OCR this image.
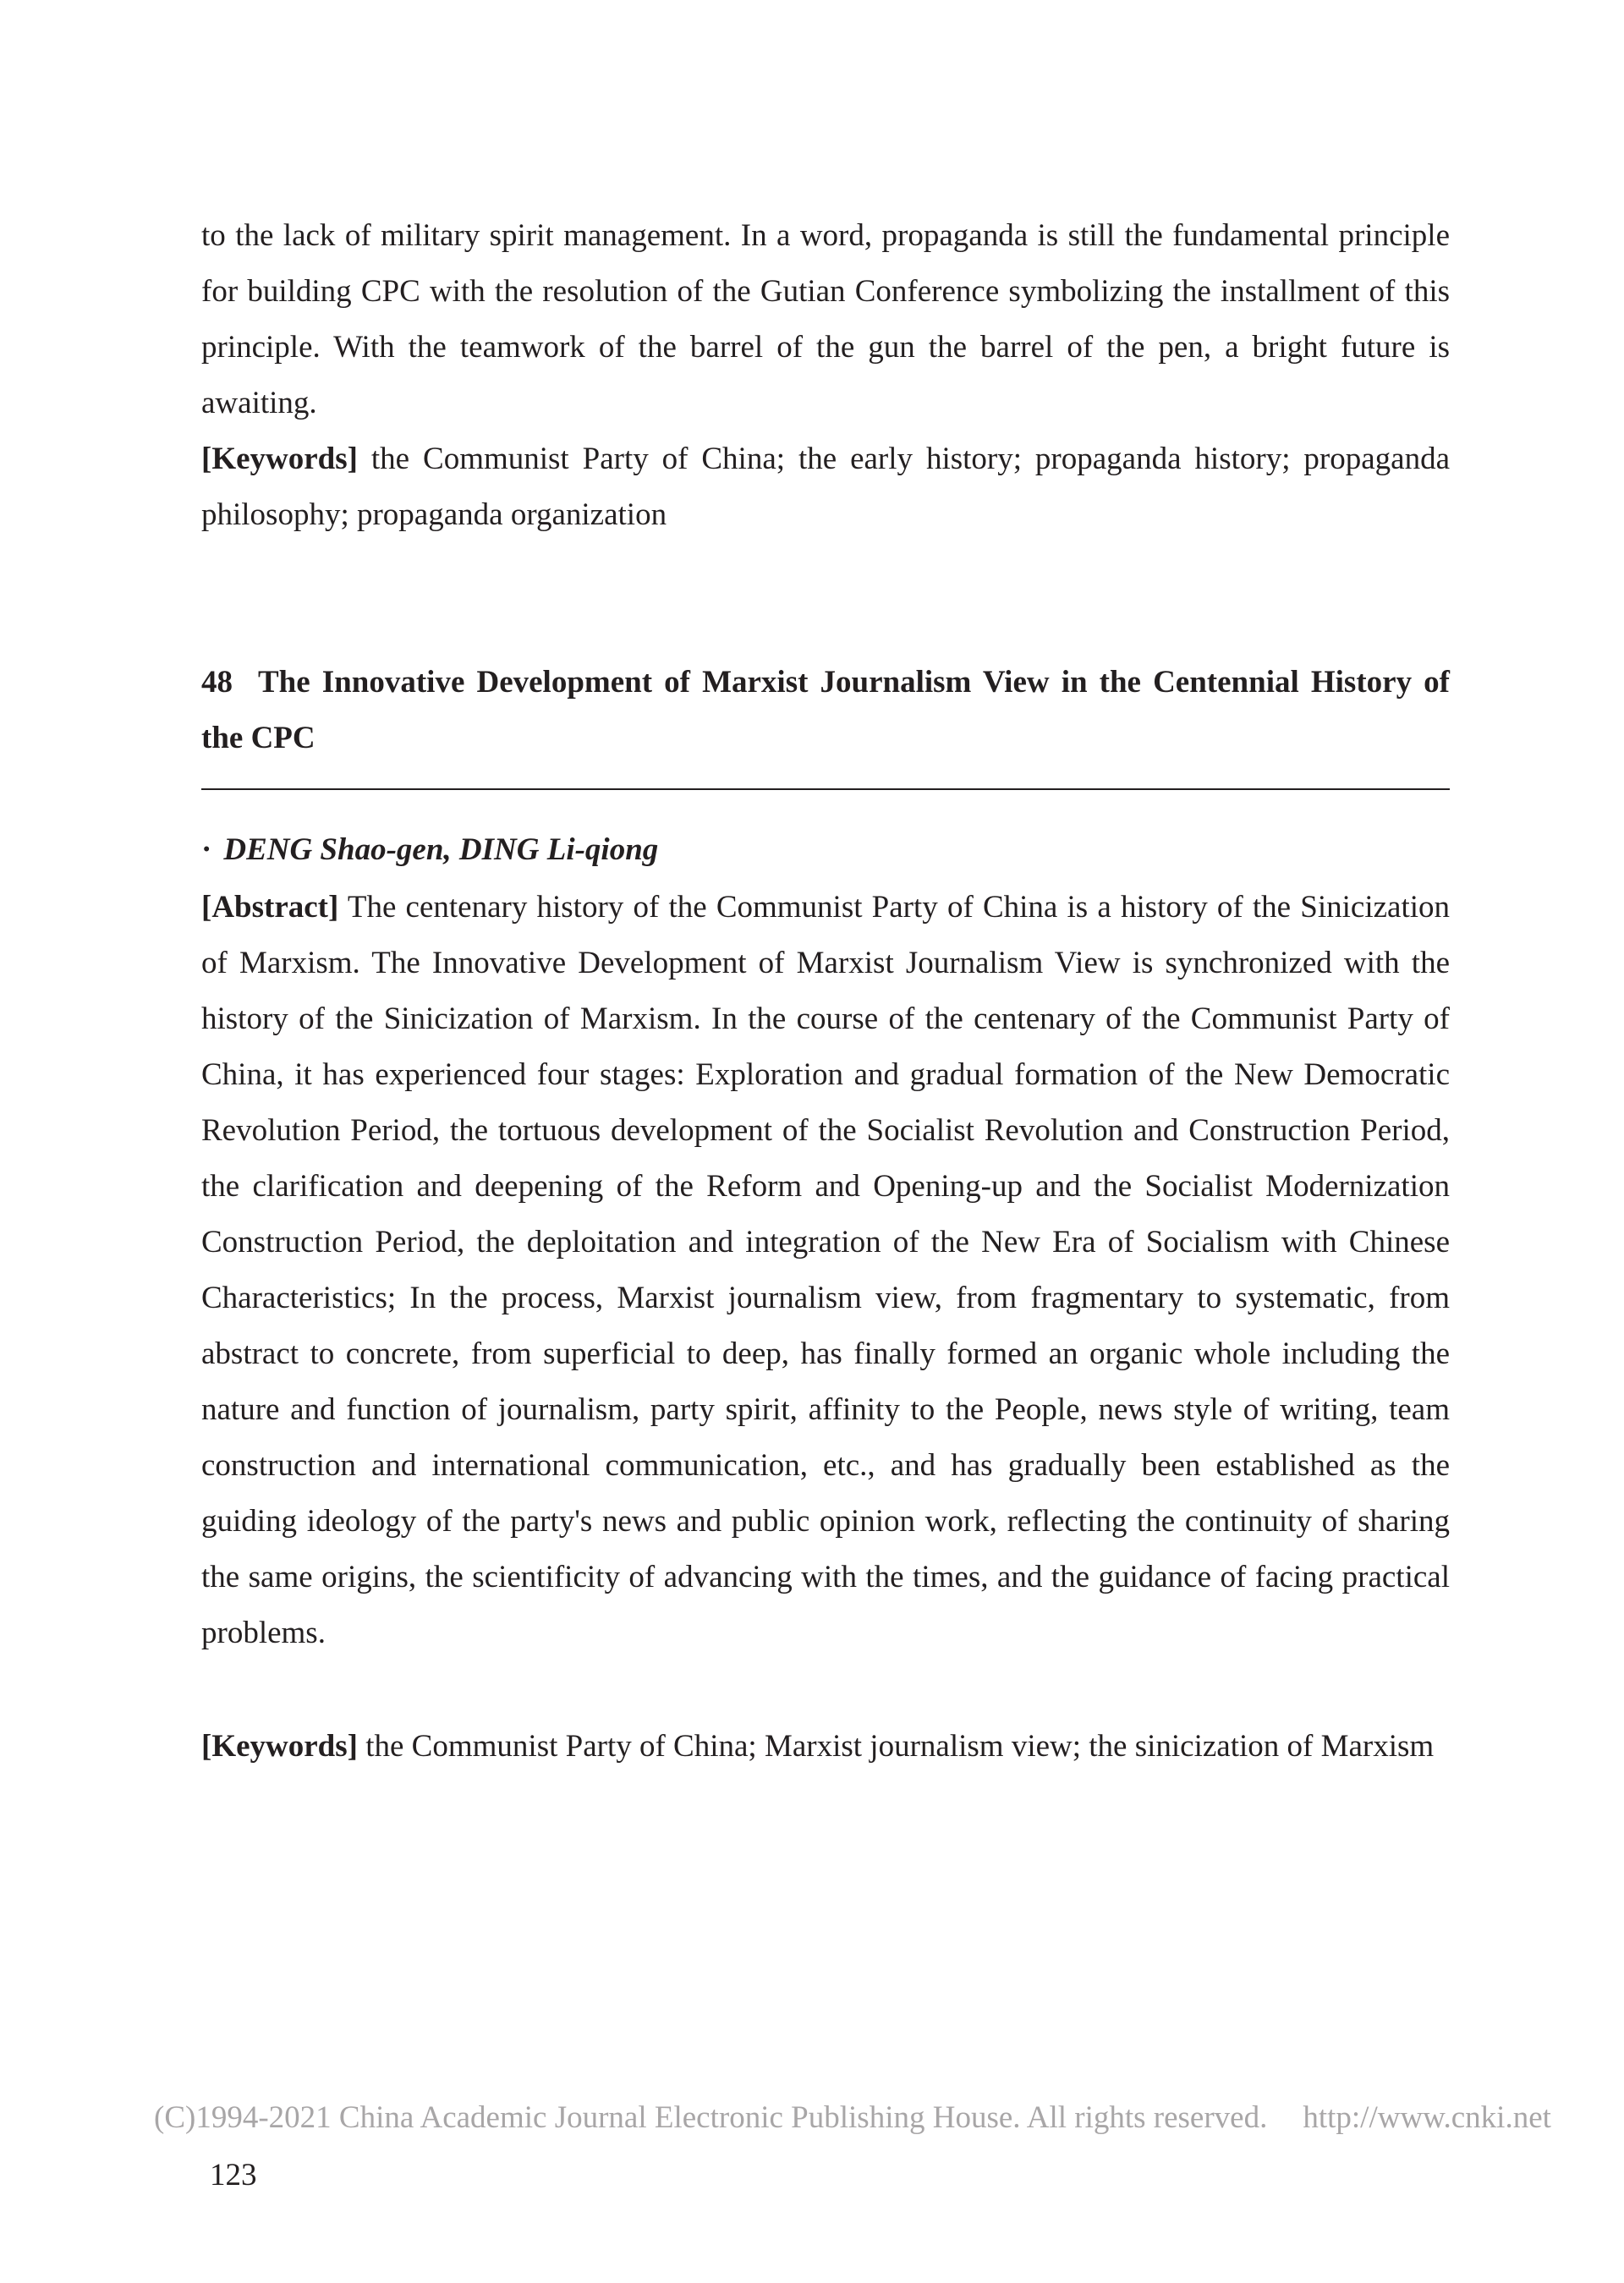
to the lack of military spirit management. In a word, propaganda is still the fundamental principle for building CPC with the resolution of the Gutian Conference symbolizing the installment of this principle. With the teamwork of the barrel of the gun the barrel of the pen, a bright future is awaiting.
[Keywords] the Communist Party of China; the early history; propaganda history; propaganda philosophy; propaganda organization
48 The Innovative Development of Marxist Journalism View in the Centennial History of the CPC
· DENG Shao-gen, DING Li-qiong
[Abstract] The centenary history of the Communist Party of China is a history of the Sinicization of Marxism. The Innovative Development of Marxist Journalism View is synchronized with the history of the Sinicization of Marxism. In the course of the centenary of the Communist Party of China, it has experienced four stages: Exploration and gradual formation of the New Democratic Revolution Period, the tortuous development of the Socialist Revolution and Construction Period, the clarification and deepening of the Reform and Opening-up and the Socialist Modernization Construction Period, the deploitation and integration of the New Era of Socialism with Chinese Characteristics; In the process, Marxist journalism view, from fragmentary to systematic, from abstract to concrete, from superficial to deep, has finally formed an organic whole including the nature and function of journalism, party spirit, affinity to the People, news style of writing, team construction and international communication, etc., and has gradually been established as the guiding ideology of the party's news and public opinion work, reflecting the continuity of sharing the same origins, the scientificity of advancing with the times, and the guidance of facing practical problems.
[Keywords] the Communist Party of China; Marxist journalism view; the sinicization of Marxism
(C)1994-2021 China Academic Journal Electronic Publishing House. All rights reserved. http://www.cnki.net
123
